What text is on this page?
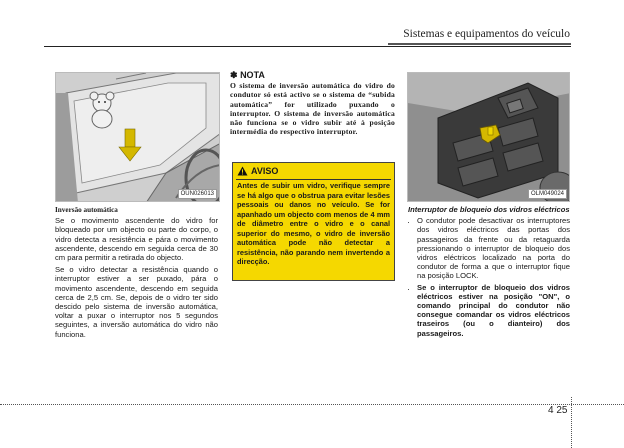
Sistemas e equipamentos do veículo
OUN026013
Inversão automática

Se o movimento ascendente do vidro for bloqueado por um objecto ou parte do corpo, o vidro detecta a resistência e pára o movimento ascendente, descendo em seguida cerca de 30 cm para permitir a retirada do objecto.

Se o vidro detectar a resistência quando o interruptor estiver a ser puxado, pára o movimento ascendente, descendo em seguida cerca de 2,5 cm. Se, depois de o vidro ter sido descido pelo sistema de inversão automática, voltar a puxar o interruptor nos 5 segundos seguintes, a inversão automática do vidro não funciona.

✽ NOTA
O sistema de inversão automática do vidro do condutor só está activo se o sistema de “subida automática” for utilizado puxando o interruptor. O sistema de inversão automática não funciona se o vidro subir até à posição intermédia do respectivo interruptor.
AVISO
Antes de subir um vidro, verifique sempre se há algo que o obstrua para evitar lesões pessoais ou danos no veículo. Se for apanhado um objecto com menos de 4 mm de diâmetro entre o vidro e o canal superior do mesmo, o vidro de inversão automática pode não detectar a resistência, não parando nem invertendo a direcção.
OLM049024
Interruptor de bloqueio dos vidros eléctricos
• O condutor pode desactivar os interruptores dos vidros eléctricos das portas dos passageiros da frente ou da retaguarda pressionando o interruptor de bloqueio dos vidros eléctricos localizado na porta do condutor de forma a que o interruptor fique na posição LOCK.
• Se o interruptor de bloqueio dos vidros eléctricos estiver na posição "ON", o comando principal do condutor não consegue comandar os vidros eléctricos traseiros (ou o dianteiro) dos passageiros.
4 25
